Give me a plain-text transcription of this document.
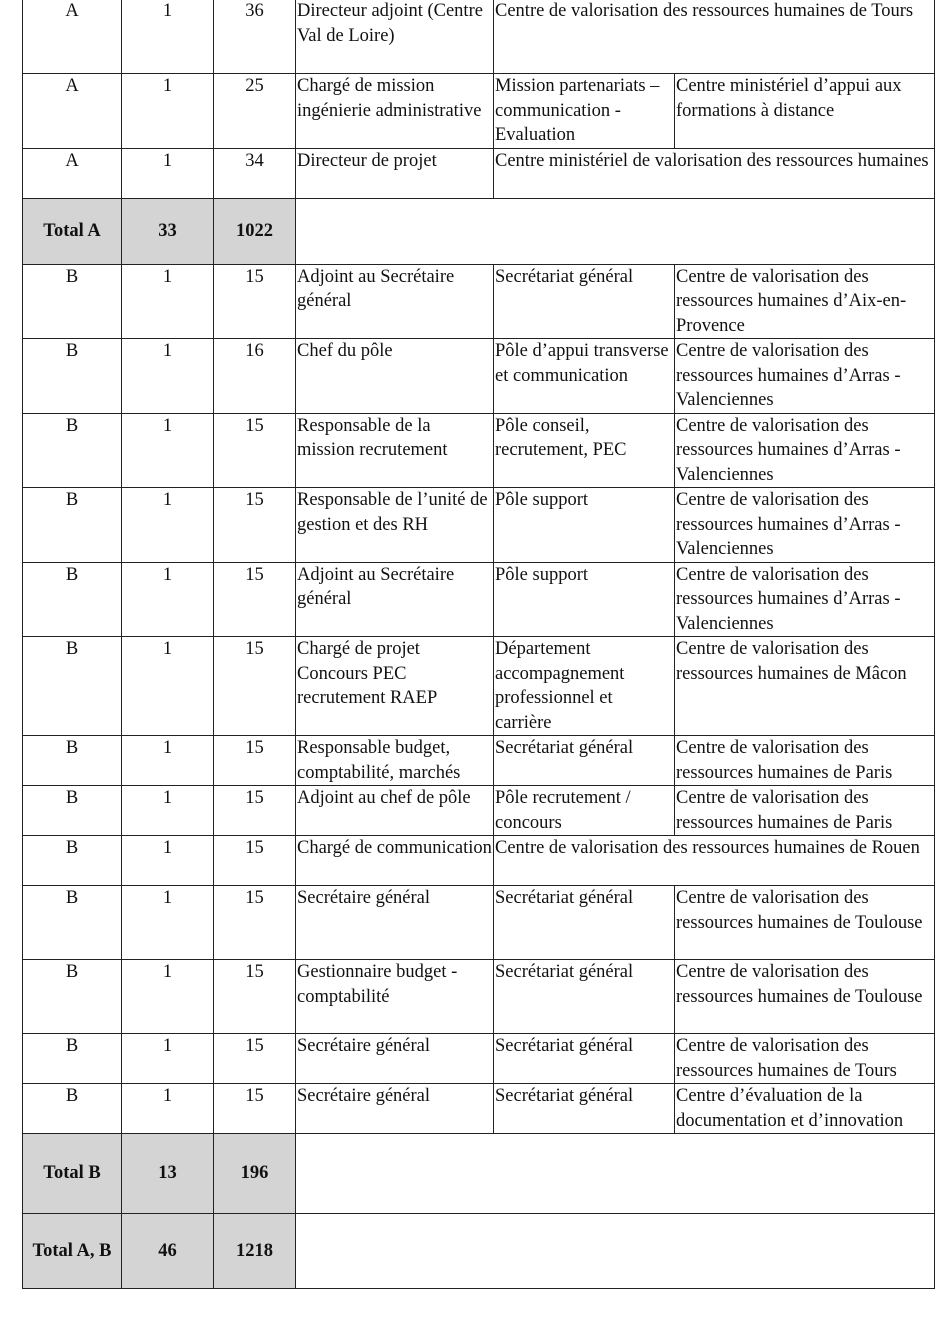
A	1	36	Directeur adjoint (Centre Val de Loire)	Centre de valorisation des ressources humaines de Tours	
A	1	25	Chargé de mission ingénierie administrative	Mission partenariats – communication - Evaluation	Centre ministériel d’appui aux formations à distance
A	1	34	Directeur de projet	Centre ministériel de valorisation des ressources humaines	
Total A	33	1022			
B	1	15	Adjoint au Secrétaire général	Secrétariat général	Centre de valorisation des ressources humaines d’Aix-en-Provence
B	1	16	Chef du pôle	Pôle d’appui transverse et communication	Centre de valorisation des ressources humaines d’Arras - Valenciennes
B	1	15	Responsable de la mission recrutement	Pôle conseil, recrutement, PEC	Centre de valorisation des ressources humaines d’Arras - Valenciennes
B	1	15	Responsable de l’unité de gestion et des RH	Pôle support	Centre de valorisation des ressources humaines d’Arras - Valenciennes
B	1	15	Adjoint au Secrétaire général	Pôle support	Centre de valorisation des ressources humaines d’Arras - Valenciennes
B	1	15	Chargé de projet Concours PEC recrutement RAEP	Département accompagnement professionnel et carrière	Centre de valorisation des ressources humaines de Mâcon
B	1	15	Responsable budget, comptabilité, marchés	Secrétariat général	Centre de valorisation des ressources humaines de Paris
B	1	15	Adjoint au chef de pôle	Pôle recrutement / concours	Centre de valorisation des ressources humaines de Paris
B	1	15	Chargé de communication	Centre de valorisation des ressources humaines de Rouen	
B	1	15	Secrétaire général	Secrétariat général	Centre de valorisation des ressources humaines de Toulouse
B	1	15	Gestionnaire budget - comptabilité	Secrétariat général	Centre de valorisation des ressources humaines de Toulouse
B	1	15	Secrétaire général	Secrétariat général	Centre de valorisation des ressources humaines de Tours
B	1	15	Secrétaire général	Secrétariat général	Centre d’évaluation de la documentation et d’innovation
Total B	13	196			
Total A, B	46	1218			
